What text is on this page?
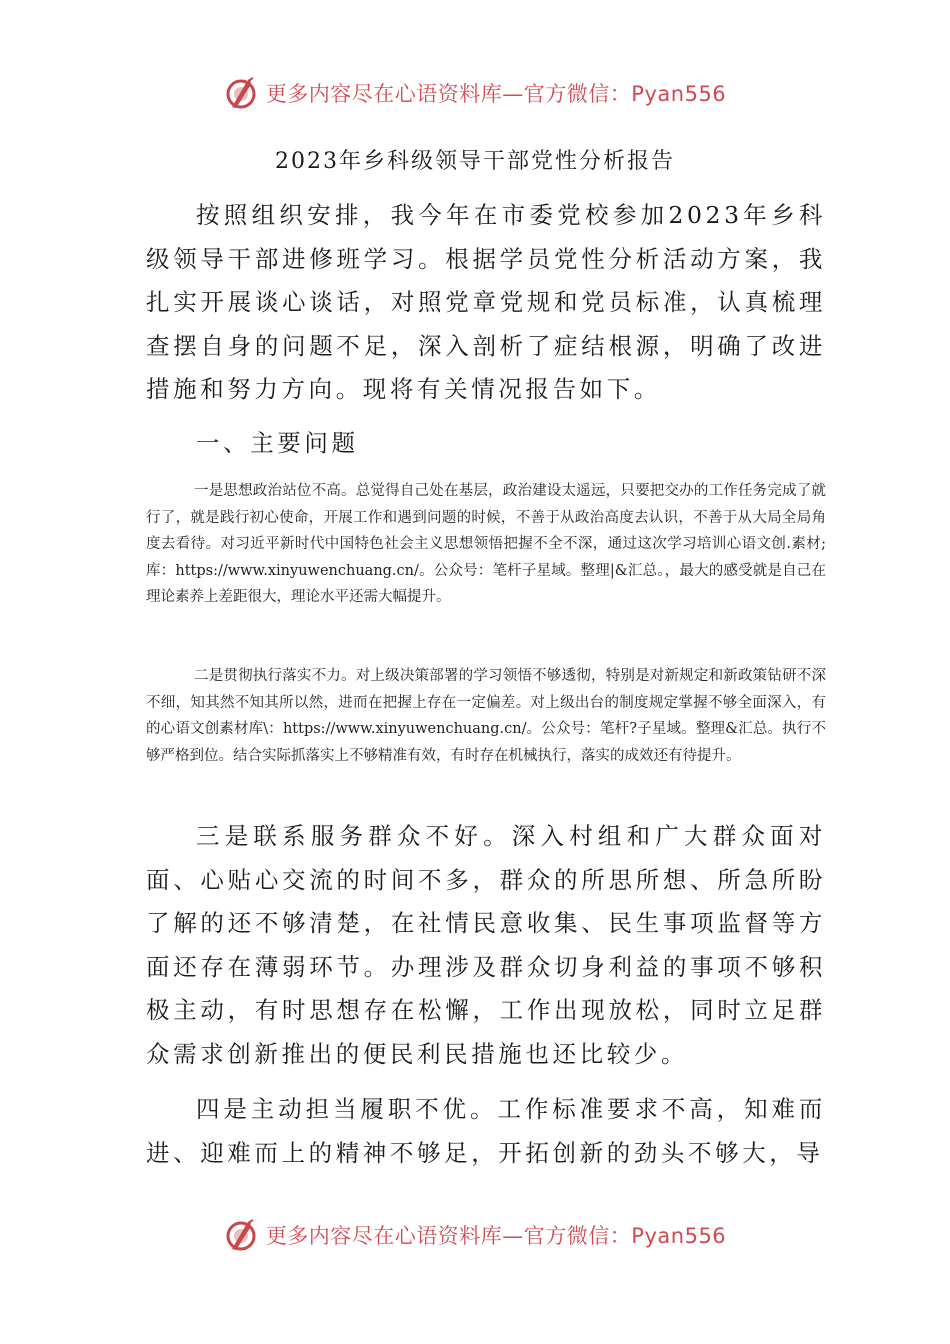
更多内容尽在心语资料库—官方微信：Pyan556
2023年乡科级领导干部党性分析报告

按照组织安排，我今年在市委党校参加2023年乡科级领导干部进修班学习。根据学员党性分析活动方案，我扎实开展谈心谈话，对照党章党规和党员标准，认真梳理查摆自身的问题不足，深入剖析了症结根源，明确了改进措施和努力方向。现将有关情况报告如下。

一、主要问题

一是思想政治站位不高。总觉得自己处在基层，政治建设太遥远，只要把交办的工作任务完成了就行了，就是践行初心使命，开展工作和遇到问题的时候，不善于从政治高度去认识，不善于从大局全局角度去看待。对习近平新时代中国特色社会主义思想领悟把握不全不深，通过这次学习培训心语文创.素材;库：https://www.xinyuwenchuang.cn/。公众号：笔杆子星域。整理|&汇总。，最大的感受就是自己在理论素养上差距很大，理论水平还需大幅提升。

二是贯彻执行落实不力。对上级决策部署的学习领悟不够透彻，特别是对新规定和新政策钻研不深不细，知其然不知其所以然，进而在把握上存在一定偏差。对上级出台的制度规定掌握不够全面深入，有的心语文创素材库\：https://www.xinyuwenchuang.cn/。公众号：笔杆?子星域。整理&汇总。执行不够严格到位。结合实际抓落实上不够精准有效，有时存在机械执行，落实的成效还有待提升。

三是联系服务群众不好。深入村组和广大群众面对面、心贴心交流的时间不多，群众的所思所想、所急所盼了解的还不够清楚，在社情民意收集、民生事项监督等方面还存在薄弱环节。办理涉及群众切身利益的事项不够积极主动，有时思想存在松懈，工作出现放松，同时立足群众需求创新推出的便民利民措施也还比较少。

四是主动担当履职不优。工作标准要求不高，知难而进、迎难而上的精神不够足，开拓创新的劲头不够大，导

更多内容尽在心语资料库—官方微信：Pyan556
